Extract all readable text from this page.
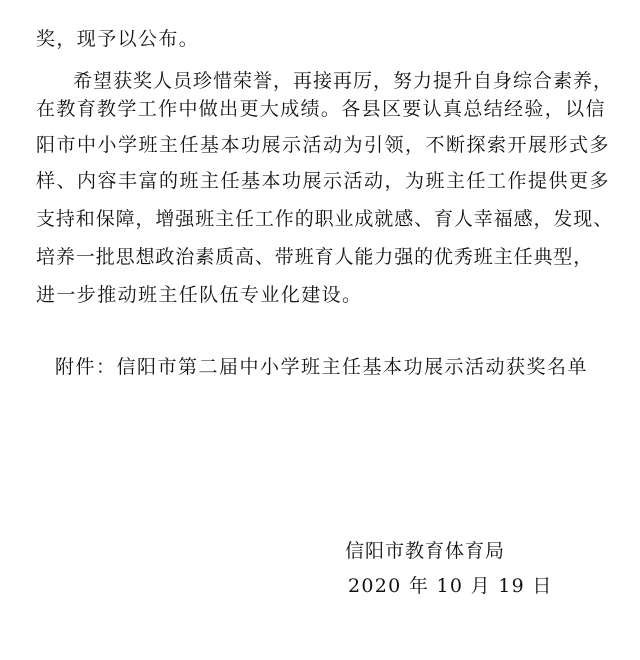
奖，现予以公布。
希望获奖人员珍惜荣誉，再接再厉，努力提升自身综合素养，
在教育教学工作中做出更大成绩。各县区要认真总结经验，以信
阳市中小学班主任基本功展示活动为引领，不断探索开展形式多
样、内容丰富的班主任基本功展示活动，为班主任工作提供更多
支持和保障，增强班主任工作的职业成就感、育人幸福感，发现、
培养一批思想政治素质高、带班育人能力强的优秀班主任典型，
进一步推动班主任队伍专业化建设。
附件：信阳市第二届中小学班主任基本功展示活动获奖名单
信阳市教育体育局
2020 年 10 月 19 日
